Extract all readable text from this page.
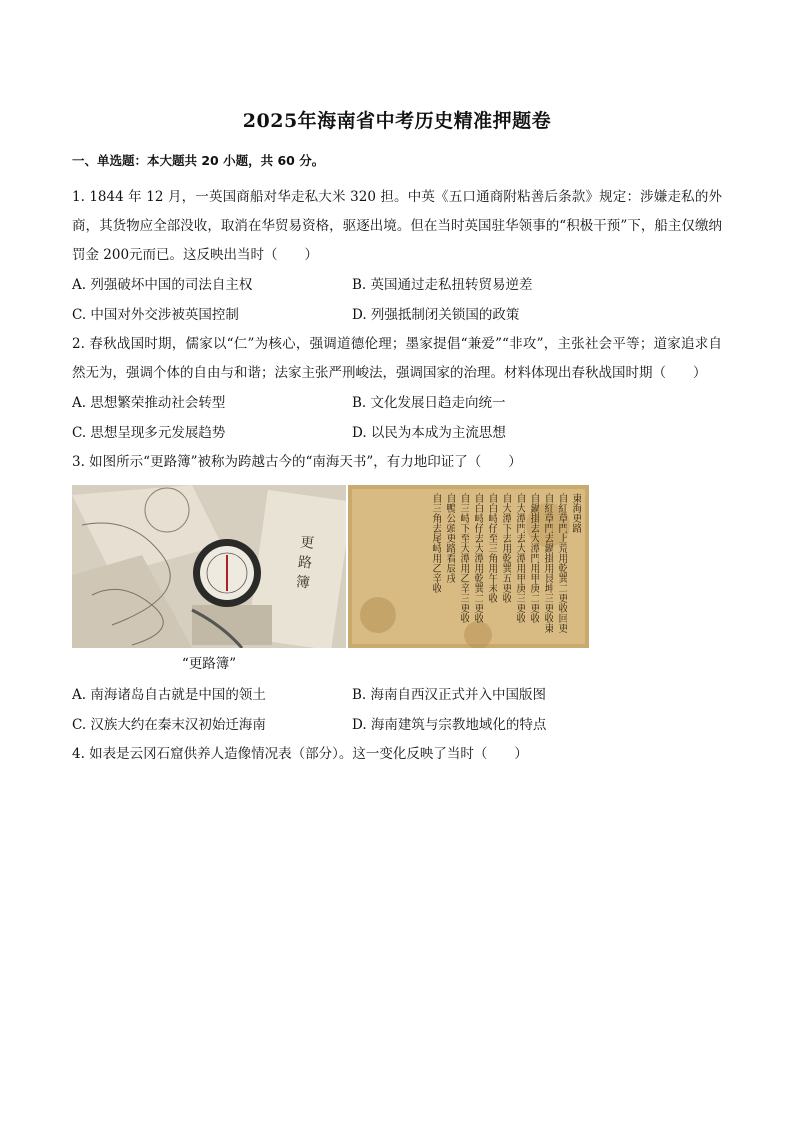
2025年海南省中考历史精准押题卷
一、单选题：本大题共 20 小题，共 60 分。
1. 1844 年 12 月，一英国商船对华走私大米 320 担。中英《五口通商附粘善后条款》规定：涉嫌走私的外商，其货物应全部没收，取消在华贸易资格，驱逐出境。但在当时英国驻华领事的“积极干预”下，船主仅缴纳罚金 200元而已。这反映出当时（　　）
A. 列强破坏中国的司法自主权	B. 英国通过走私扭转贸易逆差
C. 中国对外交涉被英国控制	D. 列强抵制闭关锁国的政策
2. 春秋战国时期，儒家以“仁”为核心，强调道德伦理；墨家提倡“兼爱”“非攻”，主张社会平等；道家追求自然无为，强调个体的自由与和谐；法家主张严刑峻法，强调国家的治理。材料体现出春秋战国时期（　　）
A. 思想繁荣推动社会转型	B. 文化发展日趋走向统一
C. 思想呈现多元发展趋势	D. 以民为本成为主流思想
3. 如图所示“更路簿”被称为跨越古今的“南海天书”，有力地印证了（　　）
更 路 簿
東海更路
自紅草門上荒用乾巽二更收回更
自紅草門去鍋掛用艮坤三更收東
自鍋掛去大潭門用甲庚二更收
自大潭門去大潭用甲庚三更收
自大潭下去用乾巽五更收
自白峙仔至三角用午未收
自白峙仔去大潭用乾巽二更收
自三峙下至大潭用乙辛三更收
自鴨公頭更路看辰戌
自三角去尾峙用乙辛收
“更路簿”
A. 南海诸岛自古就是中国的领土	B. 海南自西汉正式并入中国版图
C. 汉族大约在秦末汉初始迁海南	D. 海南建筑与宗教地域化的特点
4. 如表是云冈石窟供养人造像情况表（部分）。这一变化反映了当时（　　）
